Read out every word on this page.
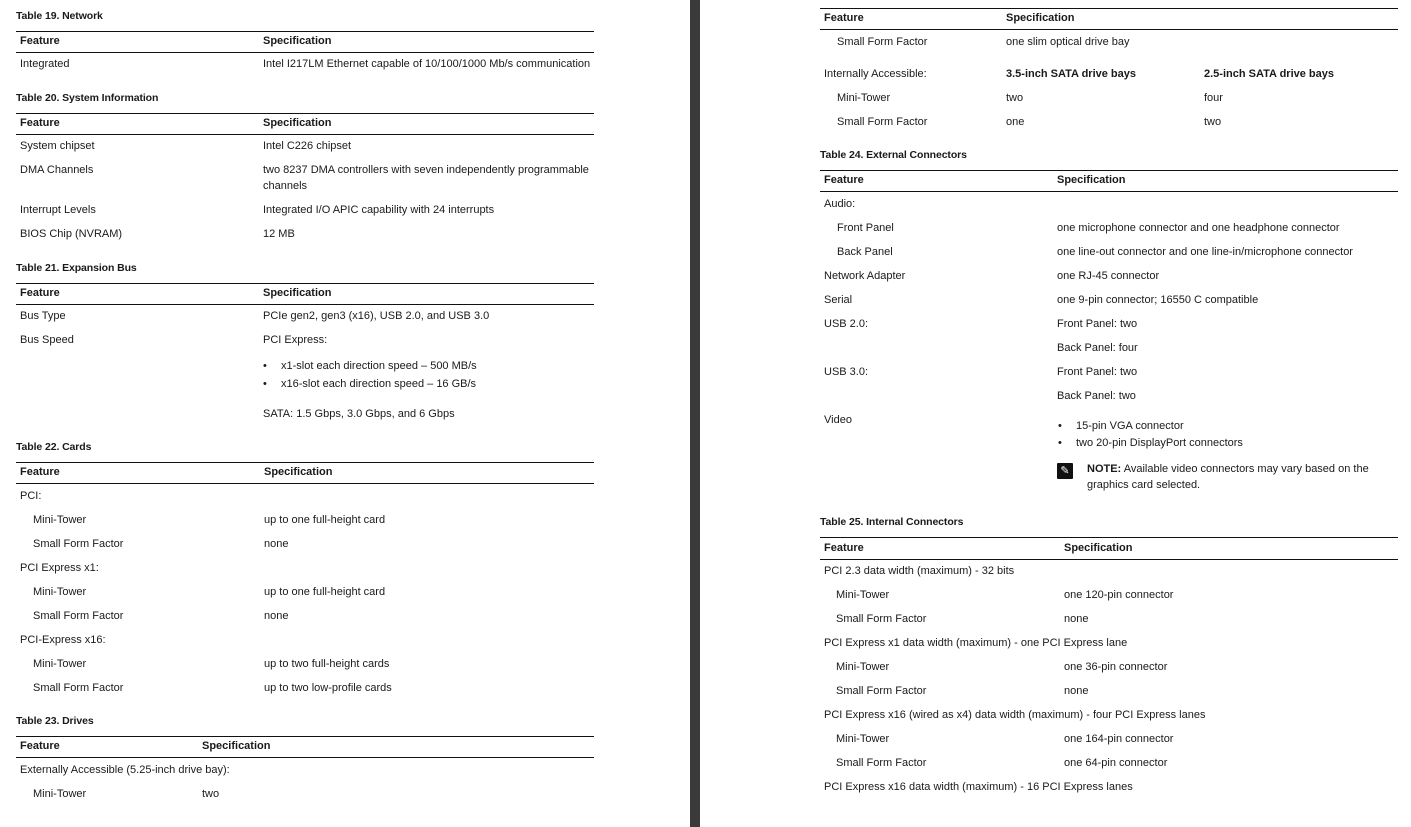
Table 19. Network
Feature	Specification
Integrated	Intel I217LM Ethernet capable of 10/100/1000 Mb/s communication
Table 20. System Information
Feature	Specification
System chipset	Intel C226 chipset
DMA Channels	two 8237 DMA controllers with seven independently programmable channels
Interrupt Levels	Integrated I/O APIC capability with 24 interrupts
BIOS Chip (NVRAM)	12 MB
Table 21. Expansion Bus
Feature	Specification
Bus Type	PCIe gen2, gen3 (x16), USB 2.0, and USB 3.0
Bus Speed	PCI Express:
• x1-slot each direction speed – 500 MB/s
• x16-slot each direction speed – 16 GB/s
SATA: 1.5 Gbps, 3.0 Gbps, and 6 Gbps
Table 22. Cards
Feature	Specification
PCI:
Mini-Tower	up to one full-height card
Small Form Factor	none
PCI Express x1:
Mini-Tower	up to one full-height card
Small Form Factor	none
PCI-Express x16:
Mini-Tower	up to two full-height cards
Small Form Factor	up to two low-profile cards
Table 23. Drives
Feature	Specification
Externally Accessible (5.25-inch drive bay):
Mini-Tower	two
Feature	Specification
Small Form Factor	one slim optical drive bay
Internally Accessible:	3.5-inch SATA drive bays	2.5-inch SATA drive bays
Mini-Tower	two	four
Small Form Factor	one	two
Table 24. External Connectors
Feature	Specification
Audio:
Front Panel	one microphone connector and one headphone connector
Back Panel	one line-out connector and one line-in/microphone connector
Network Adapter	one RJ-45 connector
Serial	one 9-pin connector; 16550 C compatible
USB 2.0:	Front Panel: two
Back Panel: four
USB 3.0:	Front Panel: two
Back Panel: two
Video
•	15-pin VGA connector
• two 20-pin DisplayPort connectors
✎	NOTE: Available video connectors may vary based on the graphics card selected.
Table 25. Internal Connectors
Feature	Specification
PCI 2.3 data width (maximum) - 32 bits
Mini-Tower	one 120-pin connector
Small Form Factor	none
PCI Express x1 data width (maximum) - one PCI Express lane
Mini-Tower	one 36-pin connector
Small Form Factor	none
PCI Express x16 (wired as x4) data width (maximum) - four PCI Express lanes
Mini-Tower	one 164-pin connector
Small Form Factor	one 64-pin connector
PCI Express x16 data width (maximum) - 16 PCI Express lanes
